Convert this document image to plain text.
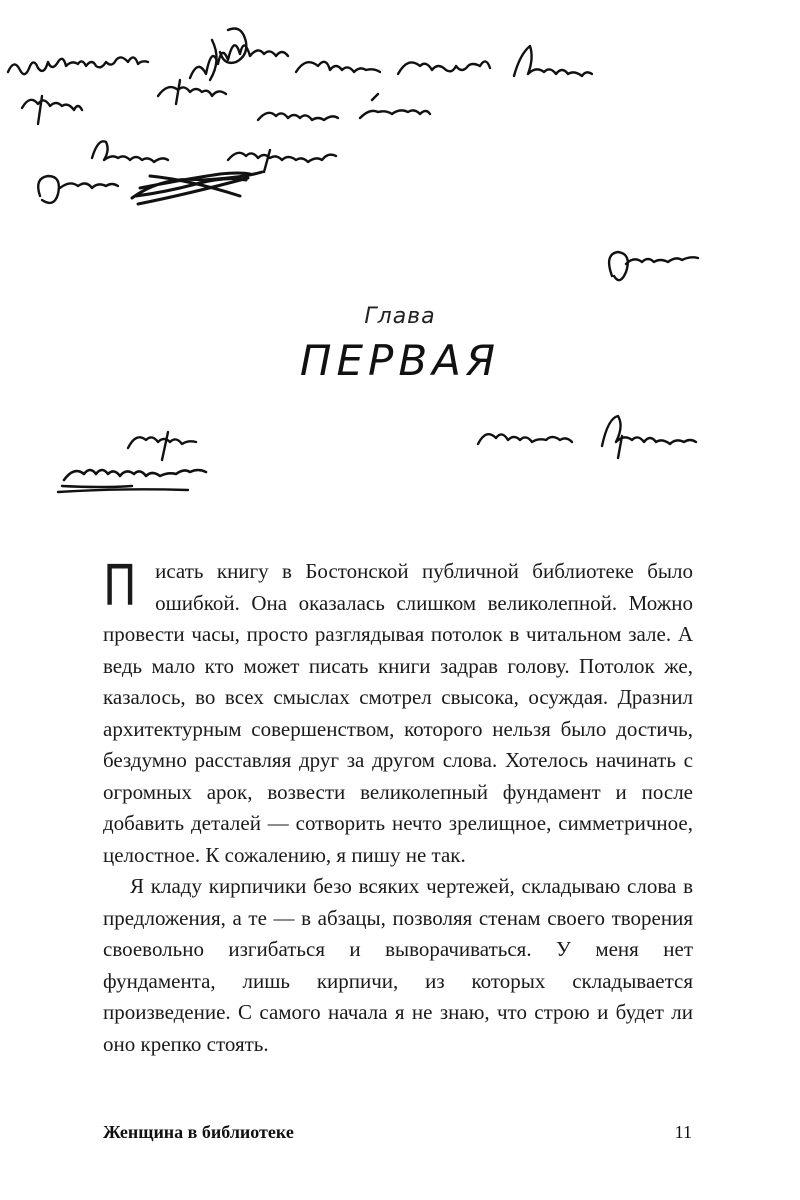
Глава
ПЕРВАЯ

Писать книгу в Бостонской публичной библиотеке было ошибкой. Она оказалась слишком великолепной. Можно провести часы, просто разглядывая потолок в читальном зале. А ведь мало кто может писать книги задрав голову. Потолок же, казалось, во всех смыслах смотрел свысока, осуждая. Дразнил архитектурным совершенством, которого нельзя было достичь, бездумно расставляя друг за другом слова. Хотелось начинать с огромных арок, возвести великолепный фундамент и после добавить деталей — сотворить нечто зрелищное, симметричное, целостное. К сожалению, я пишу не так.

Я кладу кирпичики безо всяких чертежей, складываю слова в предложения, а те — в абзацы, позволяя стенам своего творения своевольно изгибаться и выворачиваться. У меня нет фундамента, лишь кирпичи, из которых складывается произведение. С самого начала я не знаю, что строю и будет ли оно крепко стоять.

Женщина в библиотеке	11
